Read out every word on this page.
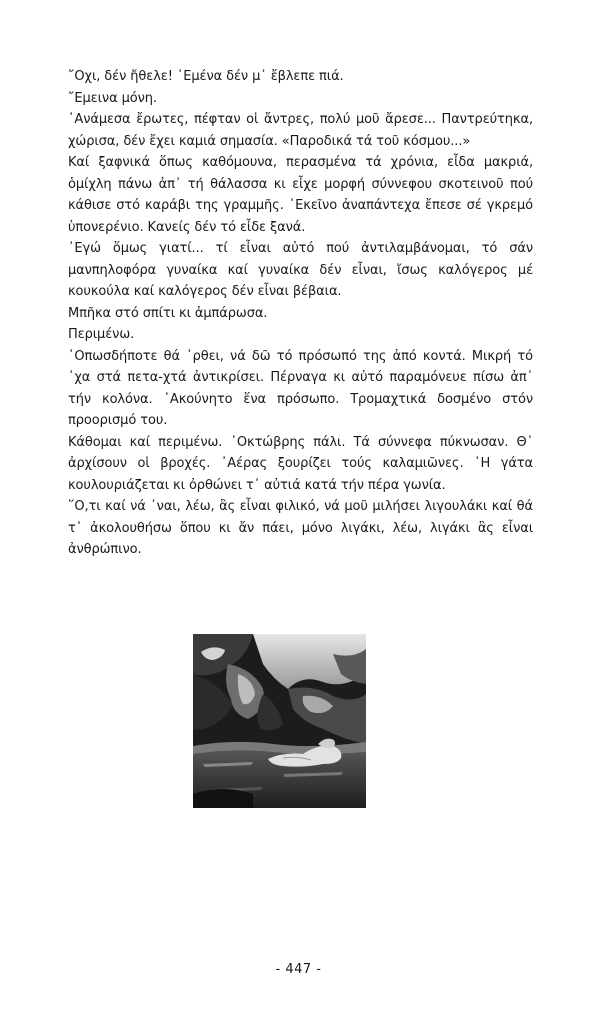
῎Οχι, δέν ἤθελε! ᾽Εμένα δέν μ᾽ ἔβλεπε πιά.

῎Εμεινα μόνη.

᾽Ανάμεσα ἔρωτες, πέφταν οἱ ἄντρες, πολύ μοῦ ἄρεσε... Παντρεύτηκα, χώρισα, δέν ἔχει καμιά σημασία. «Παροδικά τά τοῦ κόσμου...»

Καί ξαφνικά ὅπως καθόμουνα, περασμένα τά χρόνια, εἶδα μακριά, ὁμίχλη πάνω ἀπ᾽ τή θάλασσα κι εἶχε μορφή σύννεφου σκοτεινοῦ πού κάθισε στό καράβι της γραμμῆς. ᾽Εκεῖνο ἀναπάντεχα ἔπεσε σέ γκρεμό ὑπονερένιο. Κανείς δέν τό εἶδε ξανά.

᾽Εγώ ὅμως γιατί... τί εἶναι αὐτό πού ἀντιλαμβάνομαι, τό σάν μανπηλοφόρα γυναίκα καί γυναίκα δέν εἶναι, ἴσως καλόγερος μέ κουκούλα καί καλόγερος δέν εἶναι βέβαια.

Μπῆκα στό σπίτι κι ἀμπάρωσα.

Περιμένω.

῾Οπωσδήποτε θά ᾽ρθει, νά δῶ τό πρόσωπό της ἀπό κοντά. Μικρή τό ᾽χα στά πετα-χτά ἀντικρίσει. Πέρναγα κι αὐτό παραμόνευε πίσω ἀπ᾽ τήν κολόνα. ᾽Ακούνητο ἕνα πρόσωπο. Τρομαχτικά δοσμένο στόν προορισμό του.

Κάθομαι καί περιμένω. ᾽Οκτώβρης πάλι. Τά σύννεφα πύκνωσαν. Θ᾽ ἀρχίσουν οἱ βροχές. ᾽Αέρας ξουρίζει τούς καλαμιῶνες. ῾Η γάτα κουλουριάζεται κι ὀρθώνει τ᾽ αὐτιά κατά τήν πέρα γωνία.

῞Ο,τι καί νά ᾽ναι, λέω, ἂς εἶναι φιλικό, νά μοῦ μιλήσει λιγουλάκι καί θά τ᾽ ἀκολουθήσω ὅπου κι ἄν πάει, μόνο λιγάκι, λέω, λιγάκι ἂς εἶναι ἀνθρώπινο.

- 447 -
